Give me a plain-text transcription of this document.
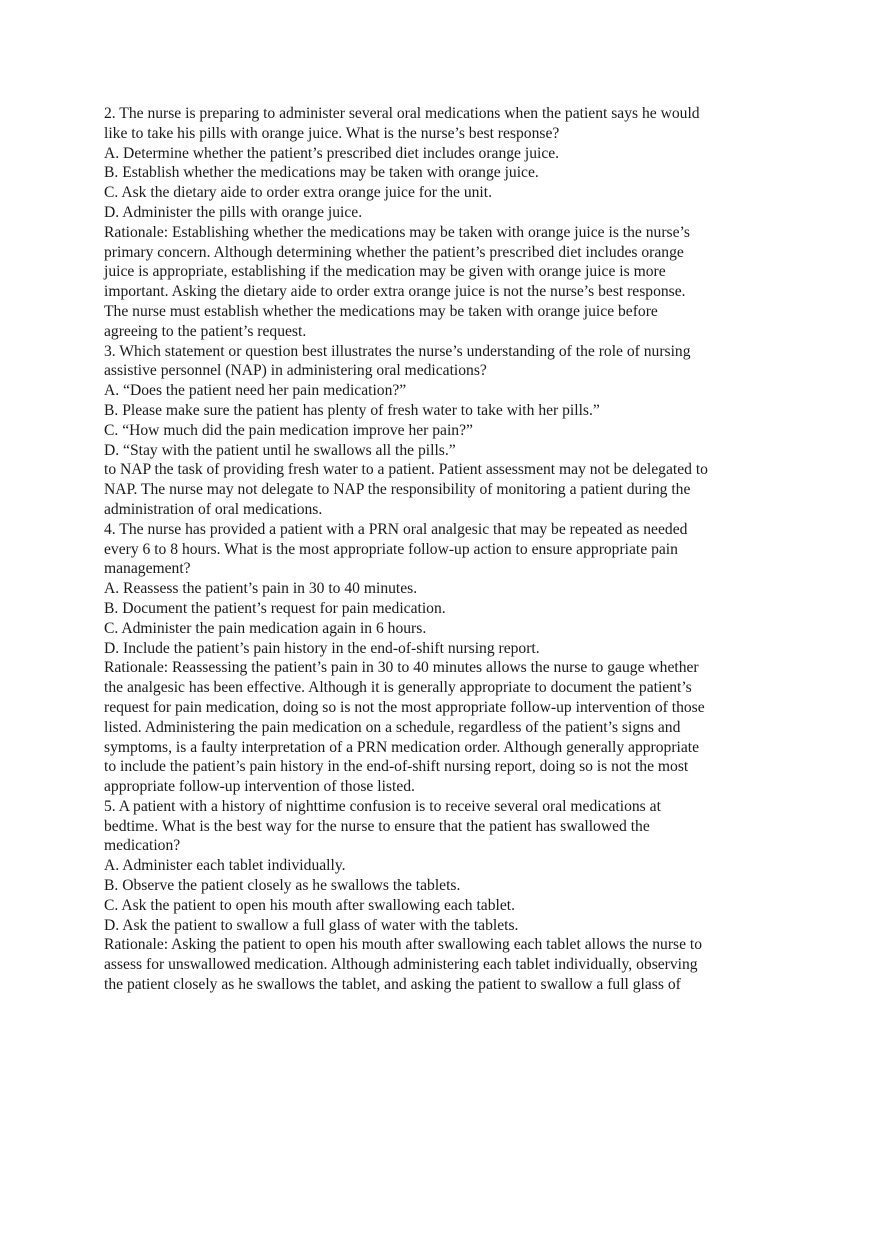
2. The nurse is preparing to administer several oral medications when the patient says he would
like to take his pills with orange juice. What is the nurse’s best response?
A. Determine whether the patient’s prescribed diet includes orange juice.
B. Establish whether the medications may be taken with orange juice.
C. Ask the dietary aide to order extra orange juice for the unit.
D. Administer the pills with orange juice.
Rationale: Establishing whether the medications may be taken with orange juice is the nurse’s
primary concern. Although determining whether the patient’s prescribed diet includes orange
juice is appropriate, establishing if the medication may be given with orange juice is more
important. Asking the dietary aide to order extra orange juice is not the nurse’s best response.
The nurse must establish whether the medications may be taken with orange juice before
agreeing to the patient’s request.
3. Which statement or question best illustrates the nurse’s understanding of the role of nursing
assistive personnel (NAP) in administering oral medications?
A. “Does the patient need her pain medication?”
B. Please make sure the patient has plenty of fresh water to take with her pills.”
C. “How much did the pain medication improve her pain?”
D. “Stay with the patient until he swallows all the pills.”
to NAP the task of providing fresh water to a patient. Patient assessment may not be delegated to
NAP. The nurse may not delegate to NAP the responsibility of monitoring a patient during the
administration of oral medications.
4. The nurse has provided a patient with a PRN oral analgesic that may be repeated as needed
every 6 to 8 hours. What is the most appropriate follow-up action to ensure appropriate pain
management?
A. Reassess the patient’s pain in 30 to 40 minutes.
B. Document the patient’s request for pain medication.
C. Administer the pain medication again in 6 hours.
D. Include the patient’s pain history in the end-of-shift nursing report.
Rationale: Reassessing the patient’s pain in 30 to 40 minutes allows the nurse to gauge whether
the analgesic has been effective. Although it is generally appropriate to document the patient’s
request for pain medication, doing so is not the most appropriate follow-up intervention of those
listed. Administering the pain medication on a schedule, regardless of the patient’s signs and
symptoms, is a faulty interpretation of a PRN medication order. Although generally appropriate
to include the patient’s pain history in the end-of-shift nursing report, doing so is not the most
appropriate follow-up intervention of those listed.
5. A patient with a history of nighttime confusion is to receive several oral medications at
bedtime. What is the best way for the nurse to ensure that the patient has swallowed the
medication?
A. Administer each tablet individually.
B. Observe the patient closely as he swallows the tablets.
C. Ask the patient to open his mouth after swallowing each tablet.
D. Ask the patient to swallow a full glass of water with the tablets.
Rationale: Asking the patient to open his mouth after swallowing each tablet allows the nurse to
assess for unswallowed medication. Although administering each tablet individually, observing
the patient closely as he swallows the tablet, and asking the patient to swallow a full glass of
